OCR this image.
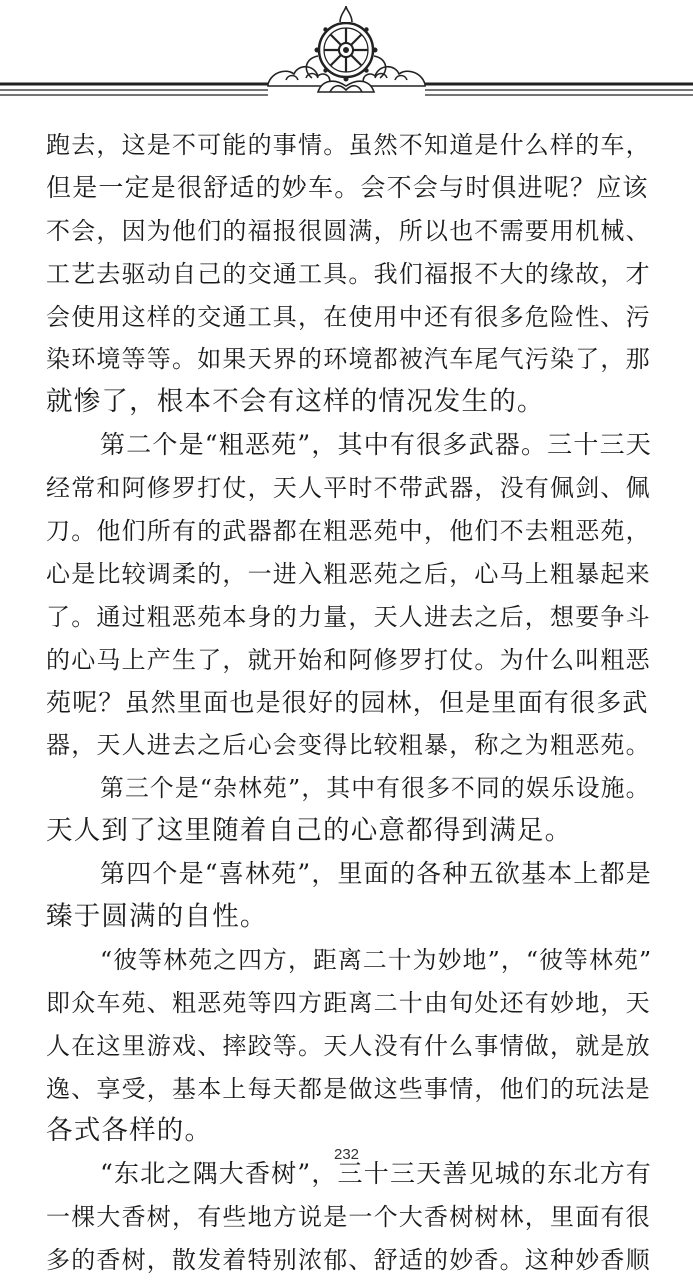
跑去，这是不可能的事情。虽然不知道是什么样的车，
但是一定是很舒适的妙车。会不会与时俱进呢？应该
不会，因为他们的福报很圆满，所以也不需要用机械、
工艺去驱动自己的交通工具。我们福报不大的缘故，才
会使用这样的交通工具，在使用中还有很多危险性、污
染环境等等。如果天界的环境都被汽车尾气污染了，那
就惨了，根本不会有这样的情况发生的。
第二个是“粗恶苑”，其中有很多武器。三十三天
经常和阿修罗打仗，天人平时不带武器，没有佩剑、佩
刀。他们所有的武器都在粗恶苑中，他们不去粗恶苑，
心是比较调柔的，一进入粗恶苑之后，心马上粗暴起来
了。通过粗恶苑本身的力量，天人进去之后，想要争斗
的心马上产生了，就开始和阿修罗打仗。为什么叫粗恶
苑呢？虽然里面也是很好的园林，但是里面有很多武
器，天人进去之后心会变得比较粗暴，称之为粗恶苑。
第三个是“杂林苑”，其中有很多不同的娱乐设施。
天人到了这里随着自己的心意都得到满足。
第四个是“喜林苑”，里面的各种五欲基本上都是
臻于圆满的自性。
“彼等林苑之四方，距离二十为妙地”，“彼等林苑”
即众车苑、粗恶苑等四方距离二十由旬处还有妙地，天
人在这里游戏、摔跤等。天人没有什么事情做，就是放
逸、享受，基本上每天都是做这些事情，他们的玩法是
各式各样的。
“东北之隅大香树”，三十三天善见城的东北方有
一棵大香树，有些地方说是一个大香树树林，里面有很
多的香树，散发着特别浓郁、舒适的妙香。这种妙香顺
232
